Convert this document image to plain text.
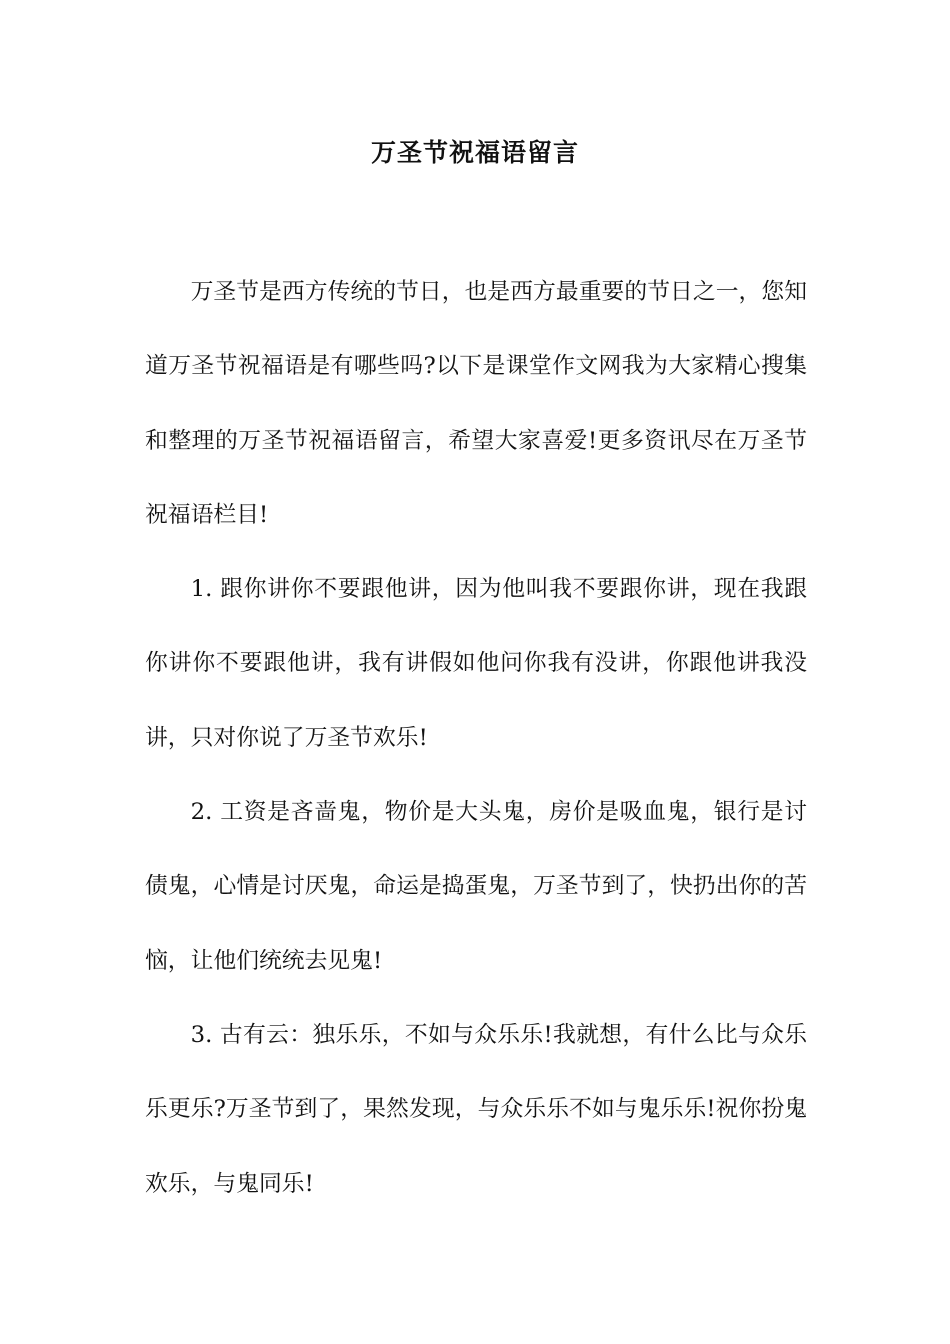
万圣节祝福语留言

万圣节是西方传统的节日，也是西方最重要的节日之一，您知道万圣节祝福语是有哪些吗?以下是课堂作文网我为大家精心搜集和整理的万圣节祝福语留言，希望大家喜爱!更多资讯尽在万圣节祝福语栏目!

1. 跟你讲你不要跟他讲，因为他叫我不要跟你讲，现在我跟你讲你不要跟他讲，我有讲假如他问你我有没讲，你跟他讲我没讲，只对你说了万圣节欢乐!

2. 工资是吝啬鬼，物价是大头鬼，房价是吸血鬼，银行是讨债鬼，心情是讨厌鬼，命运是捣蛋鬼，万圣节到了，快扔出你的苦恼，让他们统统去见鬼!

3. 古有云：独乐乐，不如与众乐乐!我就想，有什么比与众乐乐更乐?万圣节到了，果然发现，与众乐乐不如与鬼乐乐!祝你扮鬼欢乐，与鬼同乐!
